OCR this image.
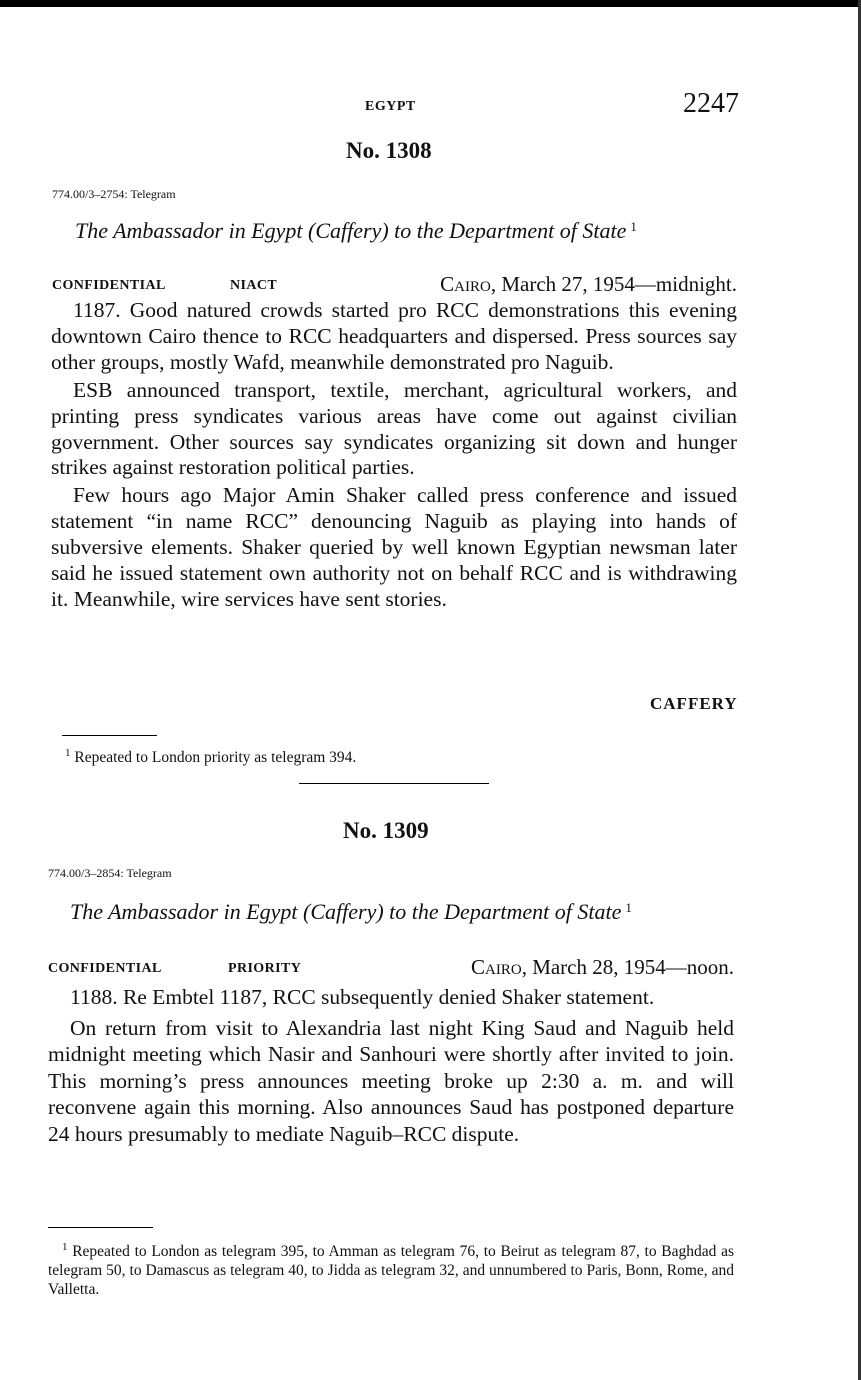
EGYPT	2247
No. 1308
774.00/3–2754: Telegram
The Ambassador in Egypt (Caffery) to the Department of State $^1$
CONFIDENTIAL	NIACT	Cairo, March 27, 1954—midnight.

1187. Good natured crowds started pro RCC demonstrations this evening downtown Cairo thence to RCC headquarters and dispersed. Press sources say other groups, mostly Wafd, meanwhile demonstrated pro Naguib.

ESB announced transport, textile, merchant, agricultural workers, and printing press syndicates various areas have come out against civilian government. Other sources say syndicates organizing sit down and hunger strikes against restoration political parties.

Few hours ago Major Amin Shaker called press conference and issued statement “in name RCC” denouncing Naguib as playing into hands of subversive elements. Shaker queried by well known Egyptian newsman later said he issued statement own authority not on behalf RCC and is withdrawing it. Meanwhile, wire services have sent stories.

CAFFERY
$^1$ Repeated to London priority as telegram 394.
No. 1309
774.00/3–2854: Telegram
The Ambassador in Egypt (Caffery) to the Department of State $^1$
CONFIDENTIAL	PRIORITY	Cairo, March 28, 1954—noon.

1188. Re Embtel 1187, RCC subsequently denied Shaker statement.

On return from visit to Alexandria last night King Saud and Naguib held midnight meeting which Nasir and Sanhouri were shortly after invited to join. This morning’s press announces meeting broke up 2:30 a. m. and will reconvene again this morning. Also announces Saud has postponed departure 24 hours presumably to mediate Naguib–RCC dispute.

$^1$ Repeated to London as telegram 395, to Amman as telegram 76, to Beirut as telegram 87, to Baghdad as telegram 50, to Damascus as telegram 40, to Jidda as telegram 32, and unnumbered to Paris, Bonn, Rome, and Valletta.
